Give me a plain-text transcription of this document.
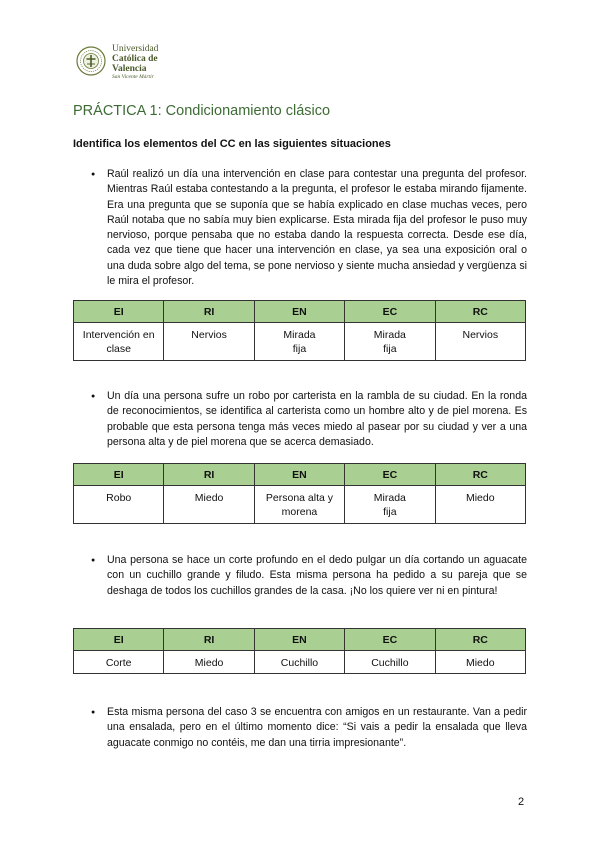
Universidad
Católica de
Valencia
San Vicente Mártir
PRÁCTICA 1: Condicionamiento clásico
Identifica los elementos del CC en las siguientes situaciones
● Raúl realizó un día una intervención en clase para contestar una pregunta del profesor. Mientras Raúl estaba contestando a la pregunta, el profesor le estaba mirando fijamente. Era una pregunta que se suponía que se había explicado en clase muchas veces, pero Raúl notaba que no sabía muy bien explicarse. Esta mirada fija del profesor le puso muy nervioso, porque pensaba que no estaba dando la respuesta correcta. Desde ese día, cada vez que tiene que hacer una intervención en clase, ya sea una exposición oral o una duda sobre algo del tema, se pone nervioso y siente mucha ansiedad y vergüenza si le mira el profesor.
EI	RI	EN	EC	RC
Intervención en clase	Nervios	Mirada fija	Mirada fija	Nervios
● Un día una persona sufre un robo por carterista en la rambla de su ciudad. En la ronda de reconocimientos, se identifica al carterista como un hombre alto y de piel morena. Es probable que esta persona tenga más veces miedo al pasear por su ciudad y ver a una persona alta y de piel morena que se acerca demasiado.
EI	RI	EN	EC	RC
Robo	Miedo	Persona alta y morena	Mirada fija	Miedo
● Una persona se hace un corte profundo en el dedo pulgar un día cortando un aguacate con un cuchillo grande y filudo. Esta misma persona ha pedido a su pareja que se deshaga de todos los cuchillos grandes de la casa. ¡No los quiere ver ni en pintura!
EI	RI	EN	EC	RC
Corte	Miedo	Cuchillo	Cuchillo	Miedo
● Esta misma persona del caso 3 se encuentra con amigos en un restaurante. Van a pedir una ensalada, pero en el último momento dice: “Si vais a pedir la ensalada que lleva aguacate conmigo no contéis, me dan una tirria impresionante”.
2
